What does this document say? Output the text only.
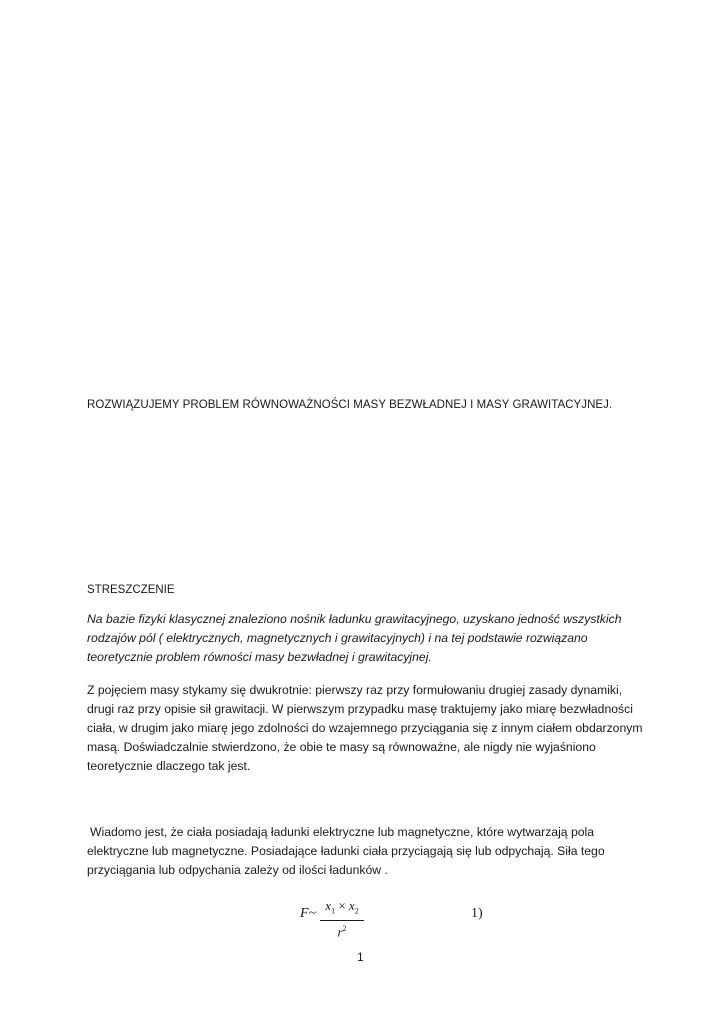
ROZWIĄZUJEMY PROBLEM RÓWNOWAŻNOŚCI MASY BEZWŁADNEJ I MASY GRAWITACYJNEJ.
STRESZCZENIE
Na bazie fizyki klasycznej znaleziono nośnik ładunku grawitacyjnego, uzyskano jedność wszystkich rodzajów pól ( elektrycznych, magnetycznych i grawitacyjnych) i na tej podstawie rozwiązano teoretycznie problem równości masy bezwładnej i grawitacyjnej.
Z pojęciem masy stykamy się dwukrotnie: pierwszy raz przy formułowaniu drugiej zasady dynamiki, drugi raz przy opisie sił grawitacji. W pierwszym przypadku masę traktujemy jako miarę bezwładności ciała, w drugim jako miarę jego zdolności do wzajemnego przyciągania się z innym ciałem obdarzonym masą. Doświadczalnie stwierdzono, że obie te masy są równoważne, ale nigdy nie wyjaśniono teoretycznie dlaczego tak jest.
Wiadomo jest, że ciała posiadają ładunki elektryczne lub magnetyczne, które wytwarzają pola elektryczne lub magnetyczne. Posiadające ładunki ciała przyciągają się lub odpychają. Siła tego przyciągania lub odpychania zależy od ilości ładunków .
F~
$x_1 \times x_2$
$r^2$
1)
1
